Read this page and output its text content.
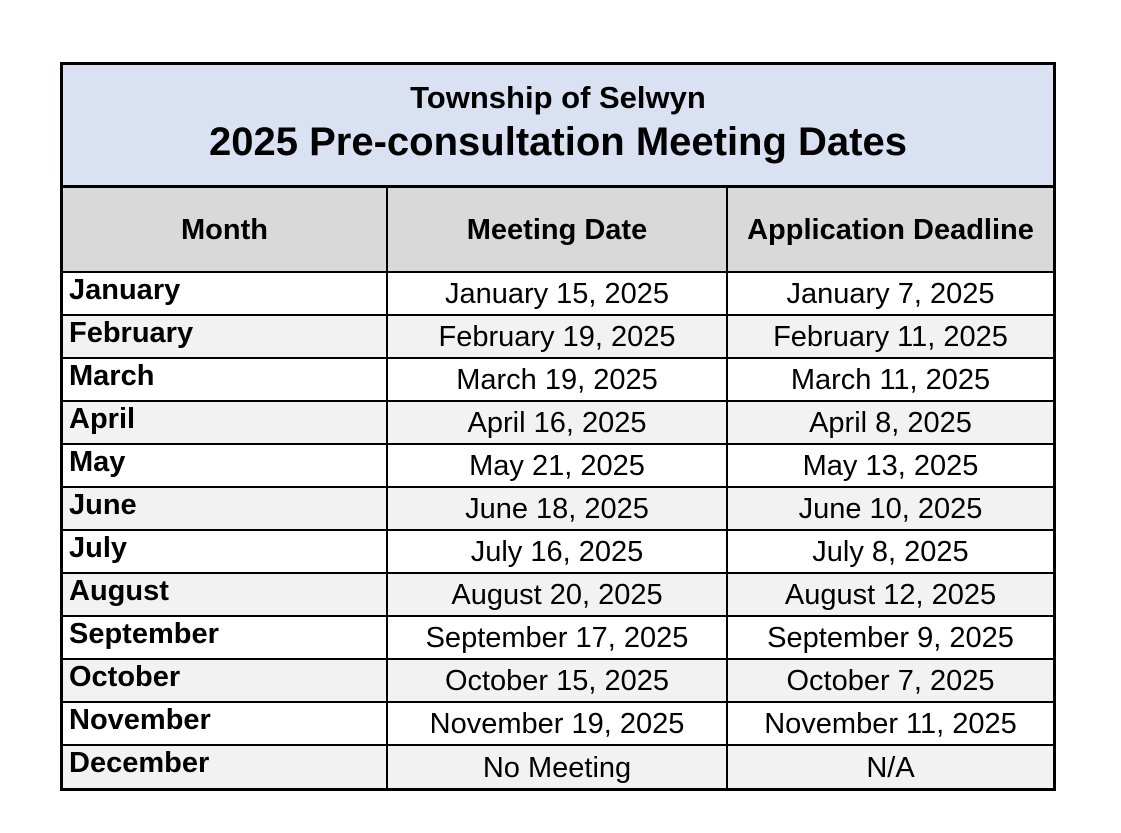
Township of Selwyn
2025 Pre-consultation Meeting Dates
Month	Meeting Date	Application Deadline
January	January 15, 2025	January 7, 2025
February	February 19, 2025	February 11, 2025
March	March 19, 2025	March 11, 2025
April	April 16, 2025	April 8, 2025
May	May 21, 2025	May 13, 2025
June	June 18, 2025	June 10, 2025
July	July 16, 2025	July 8, 2025
August	August 20, 2025	August 12, 2025
September	September 17, 2025	September 9, 2025
October	October 15, 2025	October 7, 2025
November	November 19, 2025	November 11, 2025
December	No Meeting	N/A
